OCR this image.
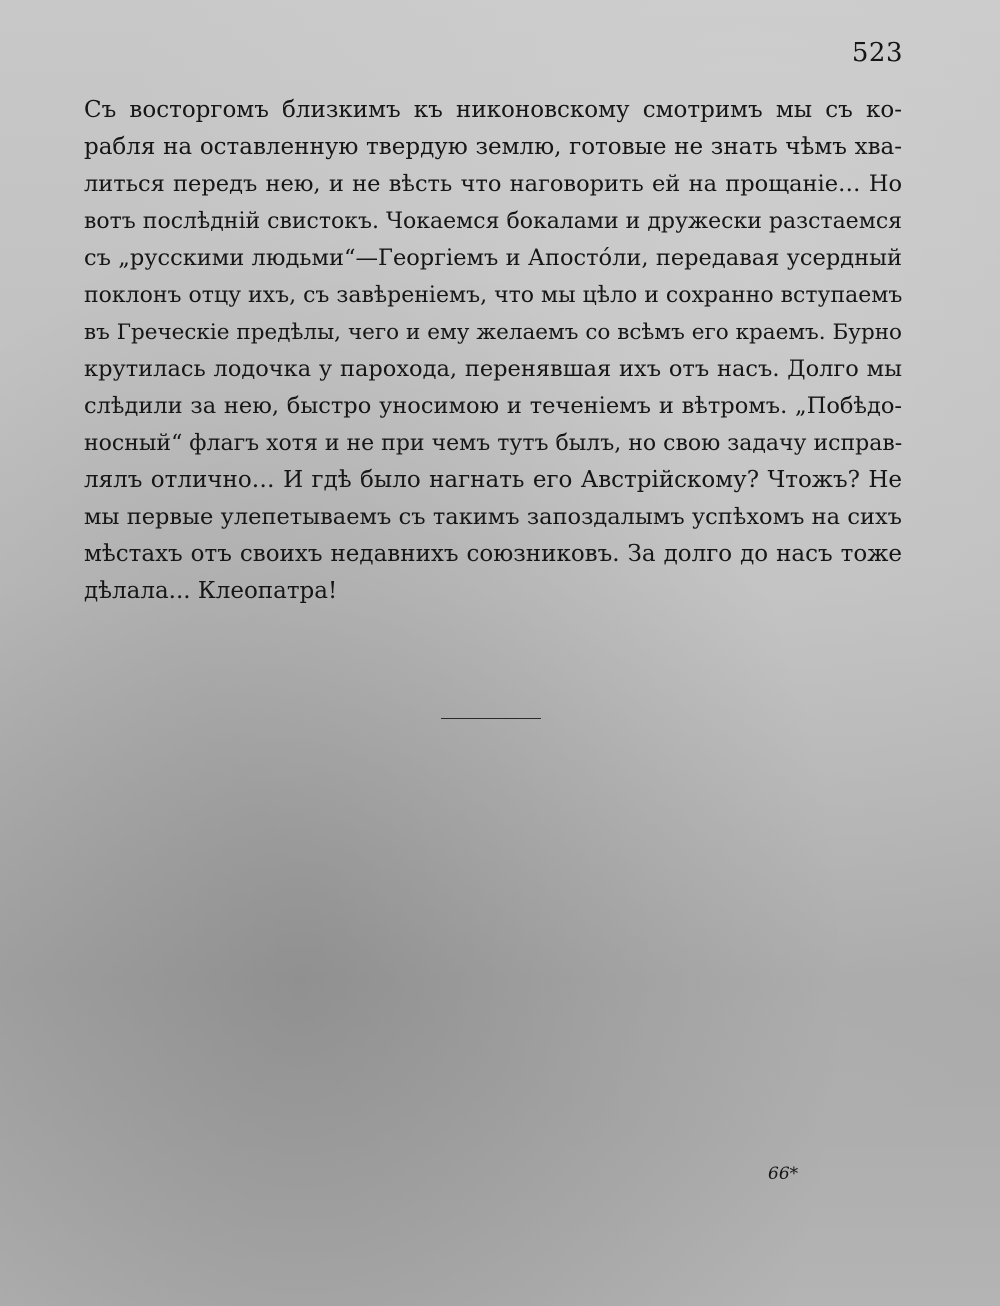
523
Съ восторгомъ близкимъ къ никоновскому смотримъ мы съ ко-
рабля на оставленную твердую землю, готовые не знать чѣмъ хва-
литься передъ нею, и не вѣсть что наговорить ей на прощаніе… Но
вотъ послѣдній свистокъ. Чокаемся бокалами и дружески разстаемся
съ „русскими людьми“—Георгіемъ и Апостóли, передавая усердный
поклонъ отцу ихъ, съ завѣреніемъ, что мы цѣло и сохранно вступаемъ
въ Греческіе предѣлы, чего и ему желаемъ со всѣмъ его краемъ. Бурно
крутилась лодочка у парохода, перенявшая ихъ отъ насъ. Долго мы
слѣдили за нею, быстро уносимою и теченіемъ и вѣтромъ. „Побѣдо-
носный“ флагъ хотя и не при чемъ тутъ былъ, но свою задачу исправ-
лялъ отлично… И гдѣ было нагнать его Австрійскому? Чтожъ? Не
мы первые улепетываемъ съ такимъ запоздалымъ успѣхомъ на сихъ
мѣстахъ отъ своихъ недавнихъ союзниковъ. За долго до насъ тоже
дѣлала... Клеопатра!
66*
